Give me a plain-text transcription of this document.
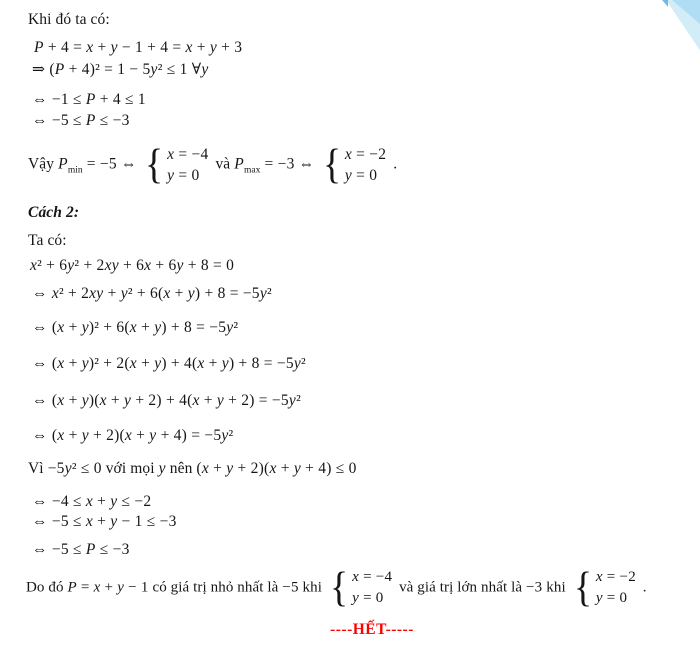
Khi đó ta có:
P + 4 = x + y − 1 + 4 = x + y + 3
⇒ (P + 4)² = 1 − 5y² ≤ 1 ∀y
⇔ −1 ≤ P + 4 ≤ 1
⇔ −5 ≤ P ≤ −3
Vậy $P_{min} = -5$ ⇔ { x = −4
y = 0
và $P_{max} = -3$ ⇔ { x = −2
y = 0
.
Cách 2:
Ta có:
x² + 6y² + 2xy + 6x + 6y + 8 = 0
⇔ x² + 2xy + y² + 6(x + y) + 8 = −5y²
⇔ (x + y)² + 6(x + y) + 8 = −5y²
⇔ (x + y)² + 2(x + y) + 4(x + y) + 8 = −5y²
⇔ (x + y)(x + y + 2) + 4(x + y + 2) = −5y²
⇔ (x + y + 2)(x + y + 4) = −5y²
Vì −5y² ≤ 0 với mọi y nên (x + y + 2)(x + y + 4) ≤ 0
⇔ −4 ≤ x + y ≤ −2
⇔ −5 ≤ x + y − 1 ≤ −3
⇔ −5 ≤ P ≤ −3
Do đó P = x + y − 1 có giá trị nhỏ nhất là −5 khi { x = −4
y = 0
và giá trị lớn nhất là −3 khi { x = −2
y = 0
.
----HẾT-----
